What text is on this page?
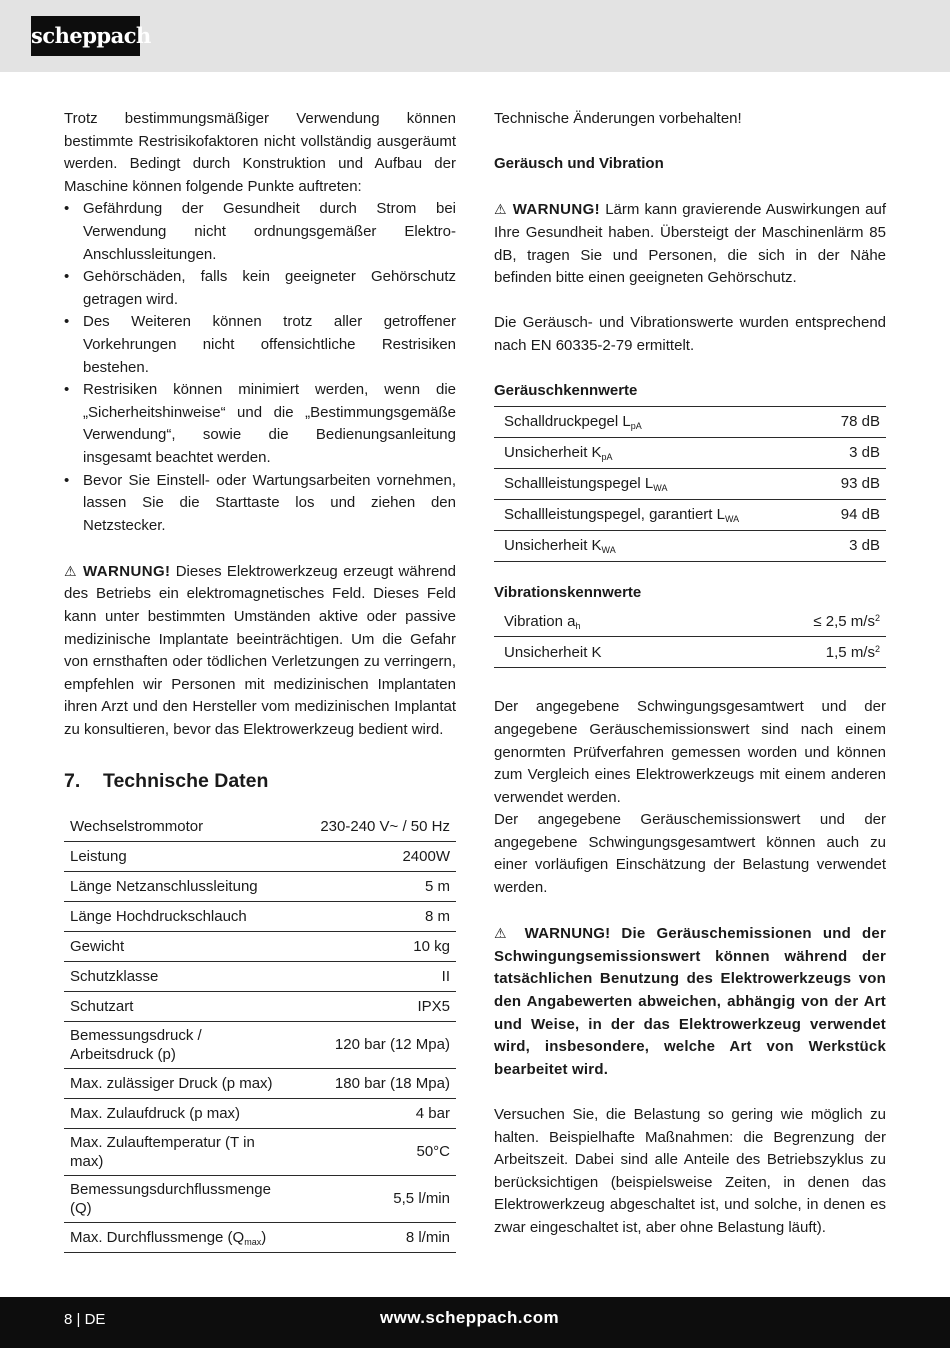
scheppach

Trotz bestimmungsmäßiger Verwendung können bestimmte Restrisikofaktoren nicht vollständig ausgeräumt werden. Bedingt durch Konstruktion und Aufbau der Maschine können folgende Punkte auftreten:

• Gefährdung der Gesundheit durch Strom bei Verwendung nicht ordnungsgemäßer Elektro-Anschlussleitungen.
• Gehörschäden, falls kein geeigneter Gehörschutz getragen wird.
• Des Weiteren können trotz aller getroffener Vorkehrungen nicht offensichtliche Restrisiken bestehen.
• Restrisiken können minimiert werden, wenn die „Sicherheitshinweise“ und die „Bestimmungsgemäße Verwendung“, sowie die Bedienungsanleitung insgesamt beachtet werden.
• Bevor Sie Einstell- oder Wartungsarbeiten vornehmen, lassen Sie die Starttaste los und ziehen den Netzstecker.

⚠ WARNUNG! Dieses Elektrowerkzeug erzeugt während des Betriebs ein elektromagnetisches Feld. Dieses Feld kann unter bestimmten Umständen aktive oder passive medizinische Implantate beeinträchtigen. Um die Gefahr von ernsthaften oder tödlichen Verletzungen zu verringern, empfehlen wir Personen mit medizinischen Implantaten ihren Arzt und den Hersteller vom medizinischen Implantat zu konsultieren, bevor das Elektrowerkzeug bedient wird.

7. Technische Daten
Wechselstrommotor	230-240 V~ / 50 Hz
Leistung	2400W
Länge Netzanschlussleitung	5 m
Länge Hochdruckschlauch	8 m
Gewicht	10 kg
Schutzklasse	II
Schutzart	IPX5
Bemessungsdruck /
Arbeitsdruck (p)	120 bar (12 Mpa)
Max. zulässiger Druck (p max)	180 bar (18 Mpa)
Max. Zulaufdruck (p max)	4 bar
Max. Zulauftemperatur (T in
max)	50°C
Bemessungsdurchflussmenge
(Q)	5,5 l/min
Max. Durchflussmenge $(Q_{max})$	8 l/min

Technische Änderungen vorbehalten!

Geräusch und Vibration

⚠ WARNUNG! Lärm kann gravierende Auswirkungen auf Ihre Gesundheit haben. Übersteigt der Maschinenlärm 85 dB, tragen Sie und Personen, die sich in der Nähe befinden bitte einen geeigneten Gehörschutz.

Die Geräusch- und Vibrationswerte wurden entsprechend nach EN 60335-2-79 ermittelt.

Geräuschkennwerte

Schalldruckpegel $L_{pA}$	78 dB
Unsicherheit $K_{pA}$	3 dB
Schallleistungspegel $L_{WA}$	93 dB
Schallleistungspegel, garantiert $L_{WA}$	94 dB
Unsicherheit $K_{WA}$	3 dB

Vibrationskennwerte

Vibration $a_h$	≤ 2,5 $m/s^2$
Unsicherheit K	1,5 $m/s^2$

Der angegebene Schwingungsgesamtwert und der angegebene Geräuschemissionswert sind nach einem genormten Prüfverfahren gemessen worden und können zum Vergleich eines Elektrowerkzeugs mit einem anderen verwendet werden.

Der angegebene Geräuschemissionswert und der angegebene Schwingungsgesamtwert können auch zu einer vorläufigen Einschätzung der Belastung verwendet werden.

⚠ WARNUNG! Die Geräuschemissionen und der Schwingungsemissionswert können während der tatsächlichen Benutzung des Elektrowerkzeugs von den Angabewerten abweichen, abhängig von der Art und Weise, in der das Elektrowerkzeug verwendet wird, insbesondere, welche Art von Werkstück bearbeitet wird.

Versuchen Sie, die Belastung so gering wie möglich zu halten. Beispielhafte Maßnahmen: die Begrenzung der Arbeitszeit. Dabei sind alle Anteile des Betriebszyklus zu berücksichtigen (beispielsweise Zeiten, in denen das Elektrowerkzeug abgeschaltet ist, und solche, in denen es zwar eingeschaltet ist, aber ohne Belastung läuft).

8 | DE	www.scheppach.com
